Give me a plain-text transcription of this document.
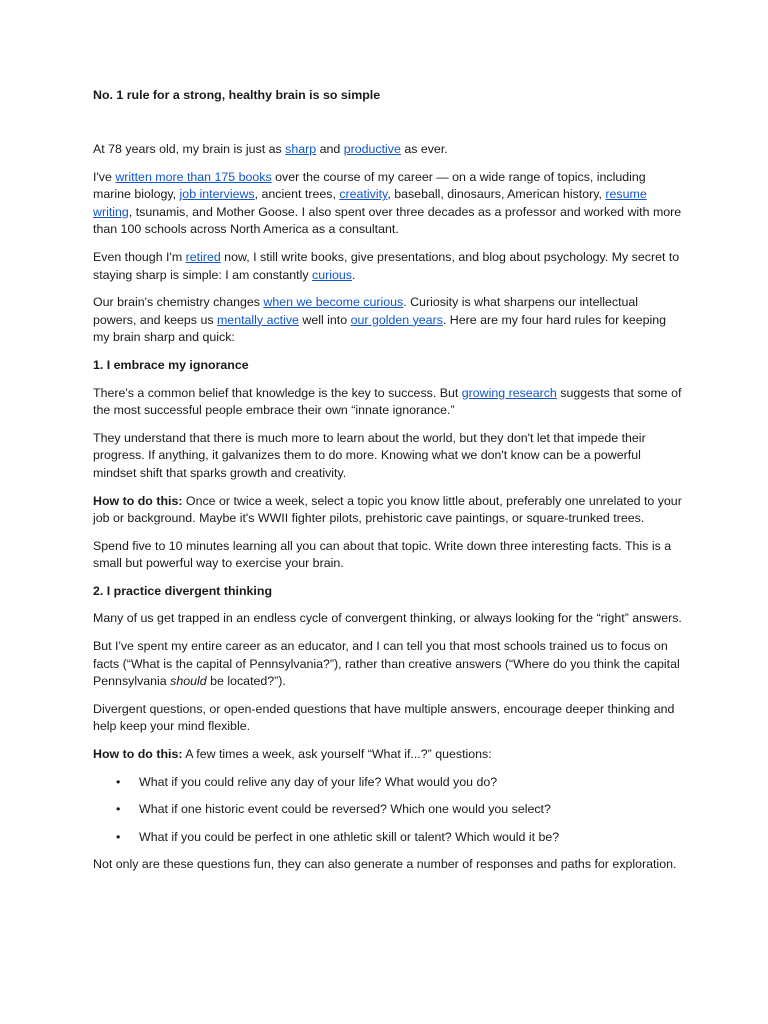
No. 1 rule for a strong, healthy brain is so simple

At 78 years old, my brain is just as sharp and productive as ever.

I've written more than 175 books over the course of my career — on a wide range of topics, including marine biology, job interviews, ancient trees, creativity, baseball, dinosaurs, American history, resume writing, tsunamis, and Mother Goose. I also spent over three decades as a professor and worked with more than 100 schools across North America as a consultant.

Even though I'm retired now, I still write books, give presentations, and blog about psychology. My secret to staying sharp is simple: I am constantly curious.

Our brain's chemistry changes when we become curious. Curiosity is what sharpens our intellectual powers, and keeps us mentally active well into our golden years. Here are my four hard rules for keeping my brain sharp and quick:

1. I embrace my ignorance

There's a common belief that knowledge is the key to success. But growing research suggests that some of the most successful people embrace their own “innate ignorance.”

They understand that there is much more to learn about the world, but they don't let that impede their progress. If anything, it galvanizes them to do more. Knowing what we don't know can be a powerful mindset shift that sparks growth and creativity.

How to do this: Once or twice a week, select a topic you know little about, preferably one unrelated to your job or background. Maybe it's WWII fighter pilots, prehistoric cave paintings, or square-trunked trees.

Spend five to 10 minutes learning all you can about that topic. Write down three interesting facts. This is a small but powerful way to exercise your brain.

2. I practice divergent thinking

Many of us get trapped in an endless cycle of convergent thinking, or always looking for the “right” answers.

But I've spent my entire career as an educator, and I can tell you that most schools trained us to focus on facts (“What is the capital of Pennsylvania?”), rather than creative answers (“Where do you think the capital Pennsylvania should be located?”).

Divergent questions, or open-ended questions that have multiple answers, encourage deeper thinking and help keep your mind flexible.

How to do this: A few times a week, ask yourself “What if...?” questions:

• What if you could relive any day of your life? What would you do?
• What if one historic event could be reversed? Which one would you select?
• What if you could be perfect in one athletic skill or talent? Which would it be?

Not only are these questions fun, they can also generate a number of responses and paths for exploration.
